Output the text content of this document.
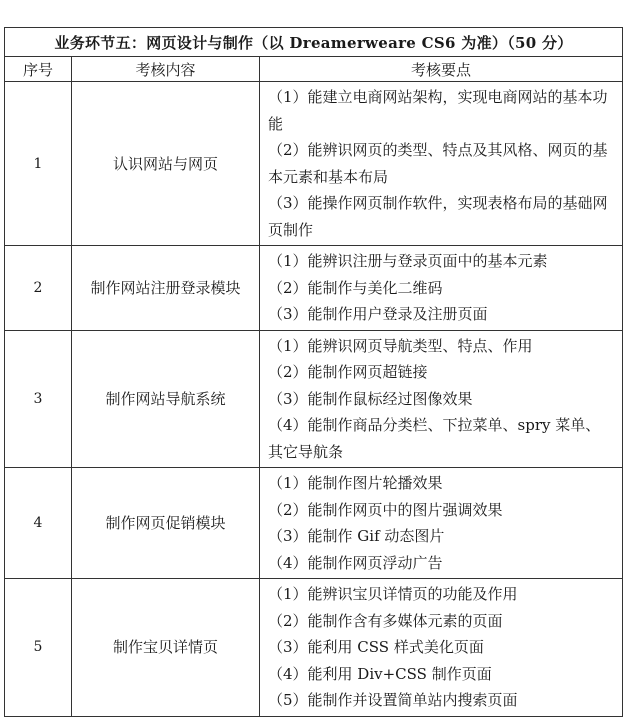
业务环节五：网页设计与制作（以 Dreamerweare CS6 为准）（50 分）		
序号	考核内容	考核要点
1	认识网站与网页	（1）能建立电商网站架构，实现电商网站的基本功能
（2）能辨识网页的类型、特点及其风格、网页的基本元素和基本布局
（3）能操作网页制作软件，实现表格布局的基础网页制作

2	制作网站注册登录模块	（1）能辨识注册与登录页面中的基本元素
（2）能制作与美化二维码
（3）能制作用户登录及注册页面

3	制作网站导航系统	（1）能辨识网页导航类型、特点、作用
（2）能制作网页超链接
（3）能制作鼠标经过图像效果
（4）能制作商品分类栏、下拉菜单、spry 菜单、其它导航条

4	制作网页促销模块	（1）能制作图片轮播效果
（2）能制作网页中的图片强调效果
（3）能制作 Gif 动态图片
（4）能制作网页浮动广告

5	制作宝贝详情页	（1）能辨识宝贝详情页的功能及作用
（2）能制作含有多媒体元素的页面
（3）能利用 CSS 样式美化页面
（4）能利用 Div+CSS 制作页面
（5）能制作并设置简单站内搜索页面
